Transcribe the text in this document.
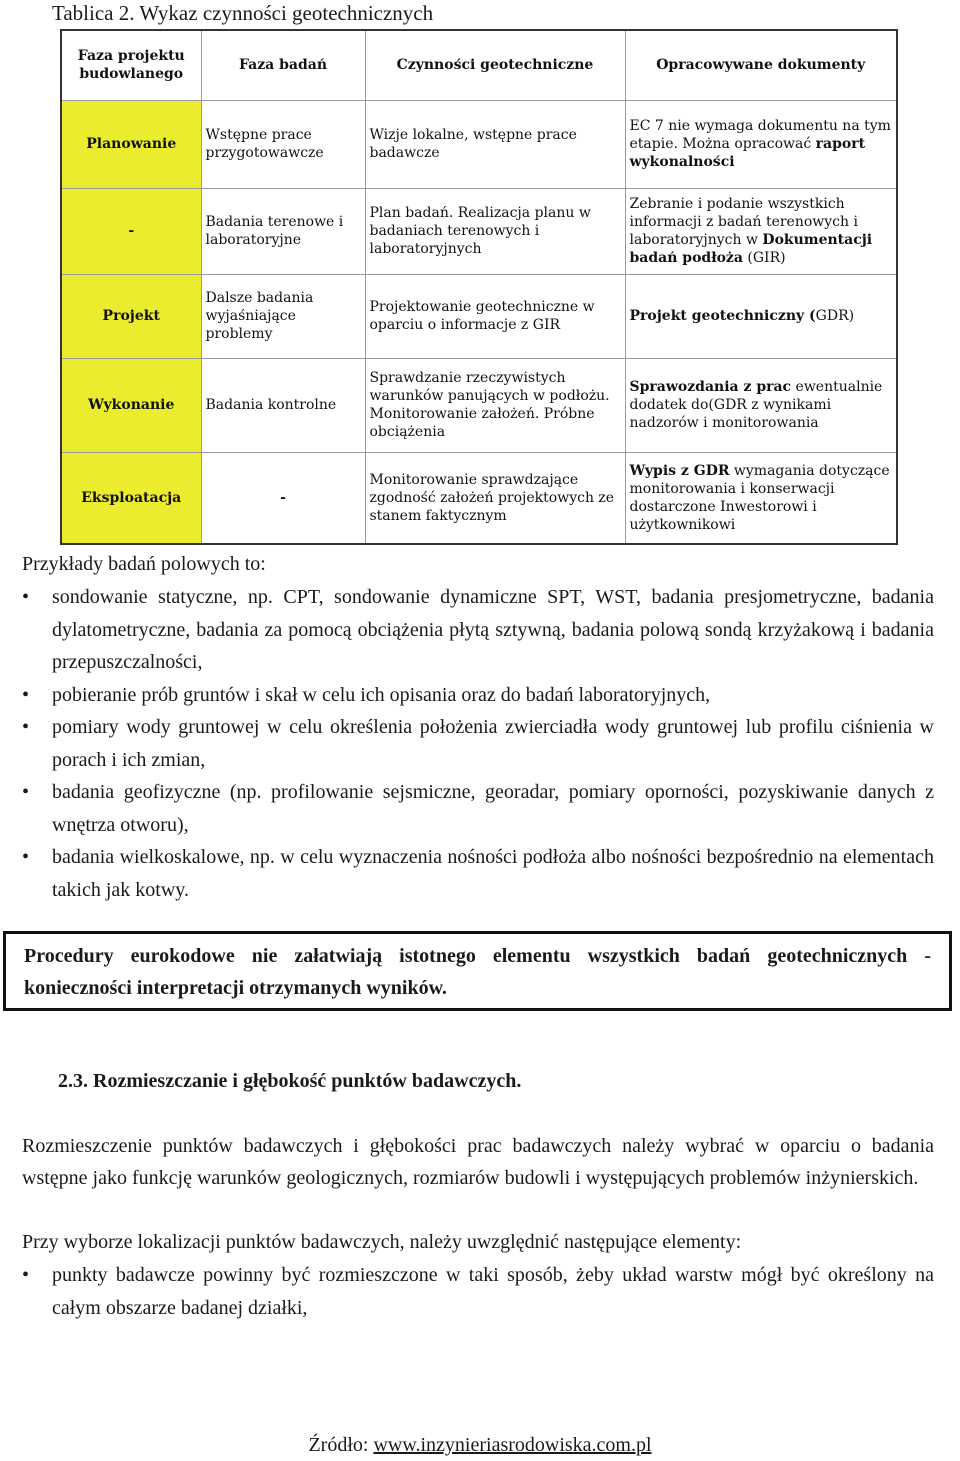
Tablica 2. Wykaz czynności geotechnicznych
Faza projektu budowlanego	Faza badań	Czynności geotechniczne	Opracowywane dokumenty
Planowanie	Wstępne prace przygotowawcze	Wizje lokalne, wstępne prace badawcze	EC 7 nie wymaga dokumentu na tym etapie. Można opracować raport wykonalności
-	Badania terenowe i laboratoryjne	Plan badań. Realizacja planu w badaniach terenowych i laboratoryjnych	Zebranie i podanie wszystkich informacji z badań terenowych i laboratoryjnych w Dokumentacji badań podłoża (GIR)
Projekt	Dalsze badania wyjaśniające problemy	Projektowanie geotechniczne w oparciu o informacje z GIR	Projekt geotechniczny (GDR)
Wykonanie	Badania kontrolne	Sprawdzanie rzeczywistych warunków panujących w podłożu. Monitorowanie założeń. Próbne obciążenia	Sprawozdania z prac ewentualnie dodatek do(GDR z wynikami nadzorów i monitorowania
Eksploatacja	-	Monitorowanie sprawdzające zgodność założeń projektowych ze stanem faktycznym	Wypis z GDR wymagania dotyczące monitorowania i konserwacji dostarczone Inwestorowi i użytkownikowi
Przykłady badań polowych to:
•	sondowanie statyczne, np. CPT, sondowanie dynamiczne SPT, WST, badania presjometryczne, badania dylatometryczne, badania za pomocą obciążenia płytą sztywną, badania polową sondą krzyżakową i badania przepuszczalności,
•	pobieranie prób gruntów i skał w celu ich opisania oraz do badań laboratoryjnych,
•	pomiary wody gruntowej w celu określenia położenia zwierciadła wody gruntowej lub profilu ciśnienia w porach i ich zmian,
•	badania geofizyczne (np. profilowanie sejsmiczne, georadar, pomiary oporności, pozyskiwanie danych z wnętrza otworu),
•	badania wielkoskalowe, np. w celu wyznaczenia nośności podłoża albo nośności bezpośrednio na elementach takich jak kotwy.
Procedury eurokodowe nie załatwiają istotnego elementu wszystkich badań geotechnicznych - konieczności interpretacji otrzymanych wyników.
2.3. Rozmieszczanie i głębokość punktów badawczych.
Rozmieszczenie punktów badawczych i głębokości prac badawczych należy wybrać w oparciu o badania wstępne jako funkcję warunków geologicznych, rozmiarów budowli i występujących problemów inżynierskich.
Przy wyborze lokalizacji punktów badawczych, należy uwzględnić następujące elementy:
•	punkty badawcze powinny być rozmieszczone w taki sposób, żeby układ warstw mógł być określony na całym obszarze badanej działki,
Źródło: www.inzynieriasrodowiska.com.pl
